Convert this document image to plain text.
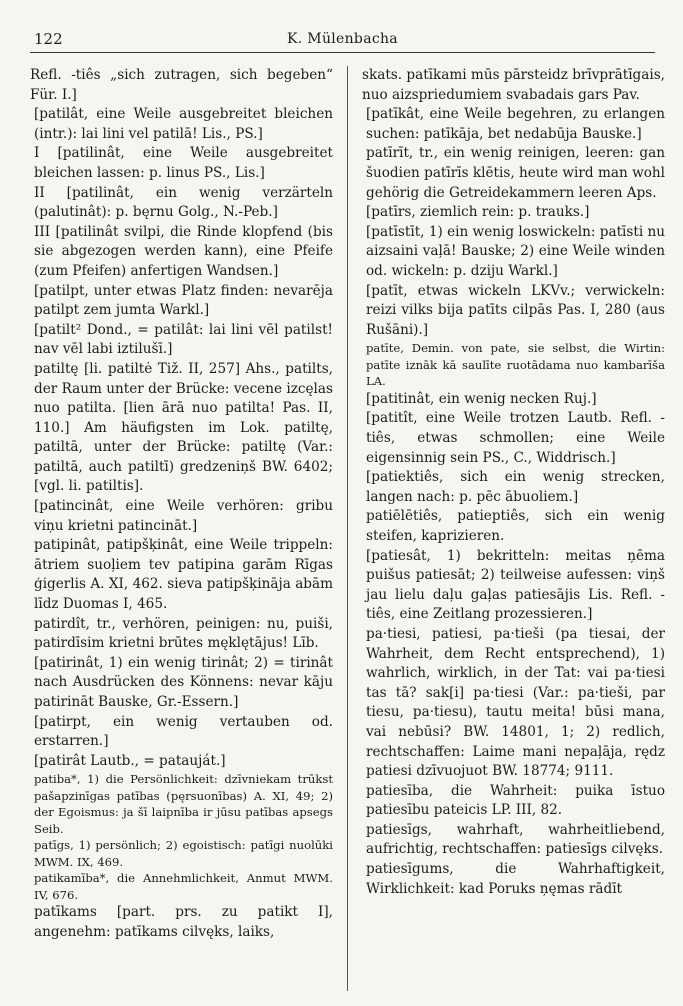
122	K. Mülenbacha

Refl. -tiês „sich zutragen, sich begeben“ Für. I.]

[patilât, eine Weile ausgebreitet bleichen (intr.): lai lini vel patilā! Lis., PS.]

I [patilinât, eine Weile ausgebreitet bleichen lassen: p. linus PS., Lis.]

II [patilinât, ein wenig verzärteln (palutinât): p. bęrnu Golg., N.-Peb.]

III [patilinât svilpi, die Rinde klopfend (bis sie abgezogen werden kann), eine Pfeife (zum Pfeifen) anfertigen Wandsen.]

[patilpt, unter etwas Platz finden: nevarēja patilpt zem jumta Warkl.]

[patilt² Dond., = patilât: lai lini vēl patilst! nav vēl labi iztilušī.]

patiltę [li. patiltė Tiž. II, 257] Ahs., patilts, der Raum unter der Brücke: vecene izcęlas nuo patilta. [lien ārā nuo patilta! Pas. II, 110.] Am häufigsten im Lok. patiltę, patiltā, unter der Brücke: patiltę (Var.: patiltā, auch patiltī) gredzeniņš BW. 6402; [vgl. li. patiltis].

[patincinât, eine Weile verhören: gribu viņu krietni patincināt.]

patipinât, patipšķinât, eine Weile trippeln: ātriem suoļiem tev patipina garām Rīgas ģigerlis A. XI, 462. sieva patipšķināja abām līdz Duomas I, 465.

patirdît, tr., verhören, peinigen: nu, puiši, patirdīsim krietni brūtes męklętājus! Līb.

[patirinât, 1) ein wenig tirinât; 2) = tirinât nach Ausdrücken des Könnens: nevar kāju patirināt Bauske, Gr.-Essern.]

[patirpt, ein wenig vertauben od. erstarren.]

[patirât Lautb., = patauját.]

patiba*, 1) die Persönlichkeit: dzīvniekam trūkst pašapzinīgas patības (pęrsuonības) A. XI, 49; 2) der Egoismus: ja šī laipnība ir jūsu patības apsegs Seib.

patīgs, 1) persönlich; 2) egoistisch: patīgi nuolūki MWM. IX, 469.

patikamība*, die Annehmlichkeit, Anmut MWM. IV, 676.

patīkams [part. prs. zu patikt I], angenehm: patīkams cilvęks, laiks,

skats. patīkami mūs pārsteidz brīvprātīgais, nuo aizspriedumiem svabadais gars Pav.

[patīkât, eine Weile begehren, zu erlangen suchen: patīkāja, bet nedabūja Bauske.]

patīrīt, tr., ein wenig reinigen, leeren: gan šuodien patīrīs klētis, heute wird man wohl gehörig die Getreidekammern leeren Aps.

[patīrs, ziemlich rein: p. trauks.]

[patīstīt, 1) ein wenig loswickeln: patīsti nu aizsaini vaļā! Bauske; 2) eine Weile winden od. wickeln: p. dziju Warkl.]

[patīt, etwas wickeln LKVv.; verwickeln: reizi vilks bija patīts cilpās Pas. I, 280 (aus Rušāni).]

patīte, Demin. von pate, sie selbst, die Wirtin: patīte iznāk kā saulīte ruotādama nuo kambarīša LA.

[patitinât, ein wenig necken Ruj.]

[patitît, eine Weile trotzen Lautb. Refl. -tiês, etwas schmollen; eine Weile eigensinnig sein PS., C., Widdrisch.]

[patiektiês, sich ein wenig strecken, langen nach: p. pēc ābuoliem.]

patiēlētiês, patieptiês, sich ein wenig steifen, kaprizieren.

[patiesât, 1) bekritteln: meitas ņēma puišus patiesāt; 2) teilweise aufessen: viņš jau lielu daļu gaļas patiesājis Lis. Refl. -tiês, eine Zeitlang prozessieren.]

pa·tiesi, patiesi, pa·tieši (pa tiesai, der Wahrheit, dem Recht entsprechend), 1) wahrlich, wirklich, in der Tat: vai pa·tiesi tas tā? sak[i] pa·tiesi (Var.: pa·tieši, par tiesu, pa·tiesu), tautu meita! būsi mana, vai nebūsi? BW. 14801, 1; 2) redlich, rechtschaffen: Laime mani nepaļāja, rędz patiesi dzīvuojuot BW. 18774; 9111.

patiesība, die Wahrheit: puika īstuo patiesību pateicis LP. III, 82.

patiesīgs, wahrhaft, wahrheitliebend, aufrichtig, rechtschaffen: patiesīgs cilvęks.

patiesīgums, die Wahrhaftigkeit, Wirklichkeit: kad Poruks ņęmas rādīt
